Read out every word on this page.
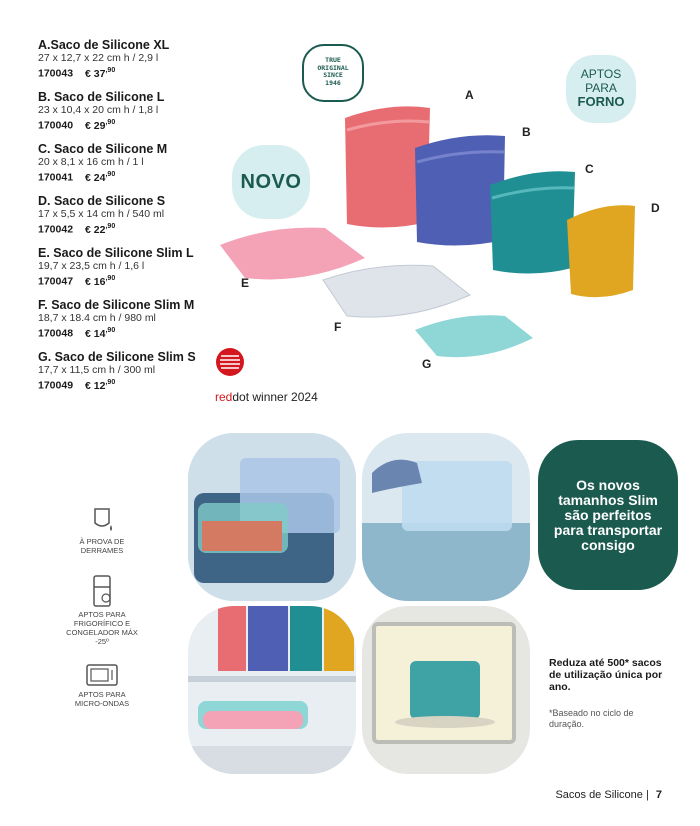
A.Saco de Silicone XL
27 x 12,7 x 22 cm h / 2,9 l
170043 € $37^{,90}$
B. Saco de Silicone L
23 x 10,4 x 20 cm h / 1,8 l
170040 € $29^{,90}$
C. Saco de Silicone M
20 x 8,1 x 16 cm h / 1 l
170041 € $24^{,90}$
D. Saco de Silicone S
17 x 5,5 x 14 cm h / 540 ml
170042 € $22^{,90}$
E. Saco de Silicone Slim L
19,7 x 23,5 cm h / 1,6 l
170047 € $16^{,90}$
F. Saco de Silicone Slim M
18,7 x 18.4 cm h / 980 ml
170048 € $14^{,90}$
G. Saco de Silicone Slim S
17,7 x 11,5 cm h / 300 ml
170049 € $12^{,90}$
TRUE
ORIGINAL
SINCE
1946
NOVO
APTOS
PARA
FORNO
A
B
C
D
E
F
G
reddot winner 2024
Os novos tamanhos Slim são perfeitos para transportar consigo
À PROVA DE DERRAMES
APTOS PARA FRIGORÍFICO E CONGELADOR MÁX -25º
APTOS PARA MICRO-ONDAS
Reduza até 500* sacos de utilização única por ano.
*Baseado no ciclo de duração.
Sacos de Silicone | 7
